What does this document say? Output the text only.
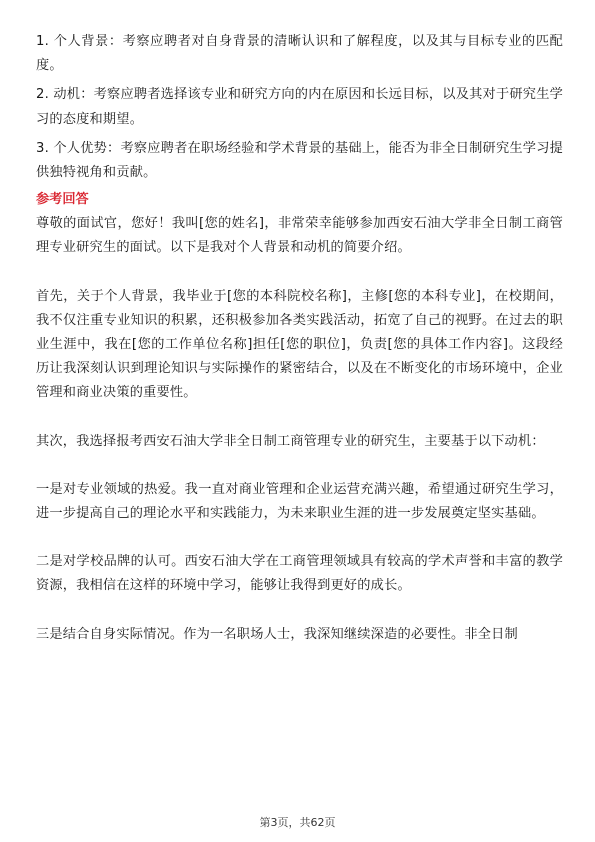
1. 个人背景：考察应聘者对自身背景的清晰认识和了解程度，以及其与目标专业的匹配度。

2. 动机：考察应聘者选择该专业和研究方向的内在原因和长远目标，以及其对于研究生学习的态度和期望。

3. 个人优势：考察应聘者在职场经验和学术背景的基础上，能否为非全日制研究生学习提供独特视角和贡献。

参考回答

尊敬的面试官，您好！我叫[您的姓名]，非常荣幸能够参加西安石油大学非全日制工商管理专业研究生的面试。以下是我对个人背景和动机的简要介绍。

首先，关于个人背景，我毕业于[您的本科院校名称]，主修[您的本科专业]，在校期间，我不仅注重专业知识的积累，还积极参加各类实践活动，拓宽了自己的视野。在过去的职业生涯中，我在[您的工作单位名称]担任[您的职位]，负责[您的具体工作内容]。这段经历让我深刻认识到理论知识与实际操作的紧密结合，以及在不断变化的市场环境中，企业管理和商业决策的重要性。

其次，我选择报考西安石油大学非全日制工商管理专业的研究生，主要基于以下动机：

一是对专业领域的热爱。我一直对商业管理和企业运营充满兴趣，希望通过研究生学习，进一步提高自己的理论水平和实践能力，为未来职业生涯的进一步发展奠定坚实基础。

二是对学校品牌的认可。西安石油大学在工商管理领域具有较高的学术声誉和丰富的教学资源，我相信在这样的环境中学习，能够让我得到更好的成长。

三是结合自身实际情况。作为一名职场人士，我深知继续深造的必要性。非全日制

第3页，共62页
